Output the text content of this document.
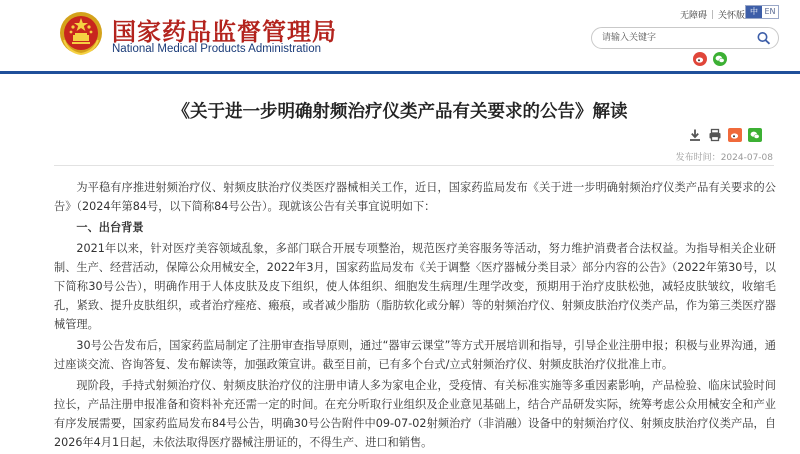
国家药品监督管理局
National Medical Products Administration
无障碍 关怀版 中 EN
请输入关键字
《关于进一步明确射频治疗仪类产品有关要求的公告》解读
发布时间：2024-07-08

为平稳有序推进射频治疗仪、射频皮肤治疗仪类医疗器械相关工作，近日，国家药监局发布《关于进一步明确射频治疗仪类产品有关要求的公告》（2024年第84号，以下简称84号公告）。现就该公告有关事宜说明如下：

一、出台背景

2021年以来，针对医疗美容领域乱象，多部门联合开展专项整治，规范医疗美容服务等活动，努力维护消费者合法权益。为指导相关企业研制、生产、经营活动，保障公众用械安全，2022年3月，国家药监局发布《关于调整〈医疗器械分类目录〉部分内容的公告》（2022年第30号，以下简称30号公告），明确作用于人体皮肤及皮下组织，使人体组织、细胞发生病理/生理学改变，预期用于治疗皮肤松弛，减轻皮肤皱纹，收缩毛孔，紧致、提升皮肤组织，或者治疗痤疮、瘢痕，或者减少脂肪（脂肪软化或分解）等的射频治疗仪、射频皮肤治疗仪类产品，作为第三类医疗器械管理。

30号公告发布后，国家药监局制定了注册审查指导原则，通过“器审云课堂”等方式开展培训和指导，引导企业注册申报；积极与业界沟通，通过座谈交流、咨询答复、发布解读等，加强政策宣讲。截至目前，已有多个台式/立式射频治疗仪、射频皮肤治疗仪批准上市。

现阶段，手持式射频治疗仪、射频皮肤治疗仪的注册申请人多为家电企业，受疫情、有关标准实施等多重因素影响，产品检验、临床试验时间拉长，产品注册申报准备和资料补充还需一定的时间。在充分听取行业组织及企业意见基础上，结合产品研发实际，统筹考虑公众用械安全和产业有序发展需要，国家药监局发布84号公告，明确30号公告附件中09-07-02射频治疗（非消融）设备中的射频治疗仪、射频皮肤治疗仪类产品，自2026年4月1日起，未依法取得医疗器械注册证的，不得生产、进口和销售。
